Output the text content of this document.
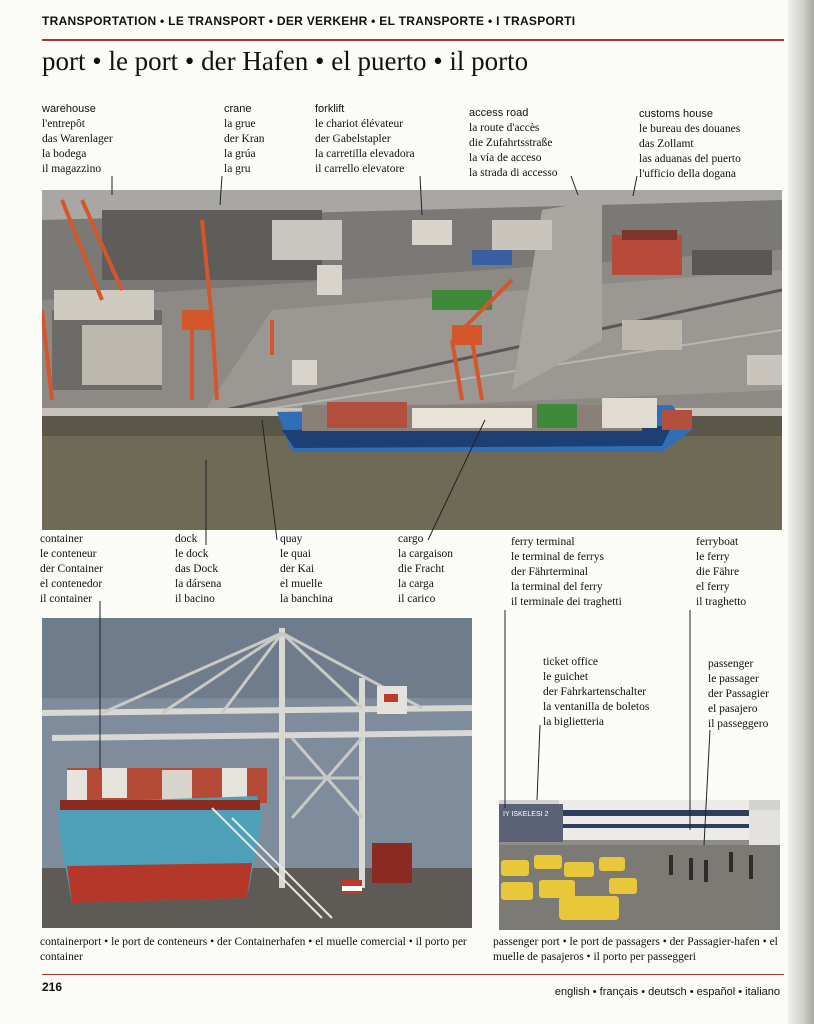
TRANSPORTATION • LE TRANSPORT • DER VERKEHR • EL TRANSPORTE • I TRASPORTI
port • le port • der Hafen • el puerto • il porto
warehouse
l'entrepôt
das Warenlager
la bodega
il magazzino
crane
la grue
der Kran
la grúa
la gru
forklift
le chariot élévateur
der Gabelstapler
la carretilla elevadora
il carrello elevatore
access road
la route d'accès
die Zufahrtsstraße
la vía de acceso
la strada di accesso
customs house
le bureau des douanes
das Zollamt
las aduanas del puerto
l'ufficio della dogana
container
le conteneur
der Container
el contenedor
il container
dock
le dock
das Dock
la dársena
il bacino
quay
le quai
der Kai
el muelle
la banchina
cargo
la cargaison
die Fracht
la carga
il carico
ferry terminal
le terminal de ferrys
der Fährterminal
la terminal del ferry
il terminale dei traghetti
ferryboat
le ferry
die Fähre
el ferry
il traghetto
IY ISKELESI 2
ticket office
le guichet
der Fahrkartenschalter
la ventanilla de boletos
la biglietteria
passenger
le passager
der Passagier
el pasajero
il passeggero
containerport • le port de conteneurs • der Containerhafen • el muelle comercial • il porto per container
passenger port • le port de passagers • der Passagier-hafen • el muelle de pasajeros • il porto per passeggeri
216	english • français • deutsch • español • italiano
